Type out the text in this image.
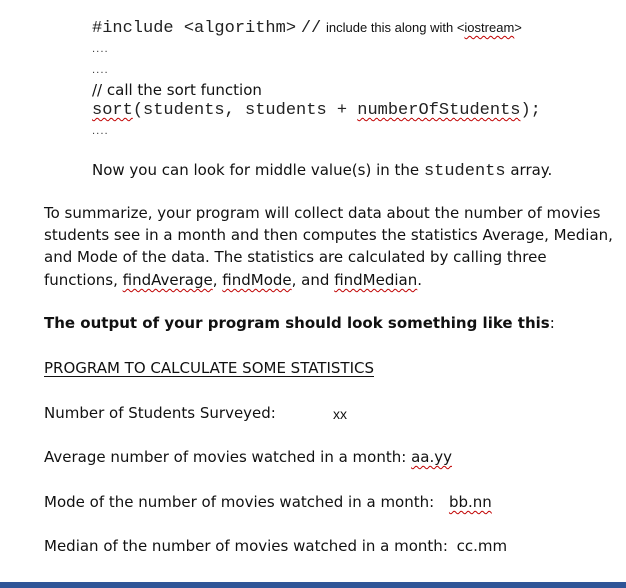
#include <algorithm> // include this along with <iostream>
....
....
// call the sort function
sort(students, students + numberOfStudents);
....
Now you can look for middle value(s) in the students array.
To summarize, your program will collect data about the number of movies
students see in a month and then computes the statistics Average, Median,
and Mode of the data. The statistics are calculated by calling three
functions, findAverage, findMode, and findMedian.
The output of your program should look something like this:
PROGRAM TO CALCULATE SOME STATISTICS
Number of Students Surveyed:	xx
Average number of movies watched in a month: aa.yy
Mode of the number of movies watched in a month: bb.nn
Median of the number of movies watched in a month: cc.mm
